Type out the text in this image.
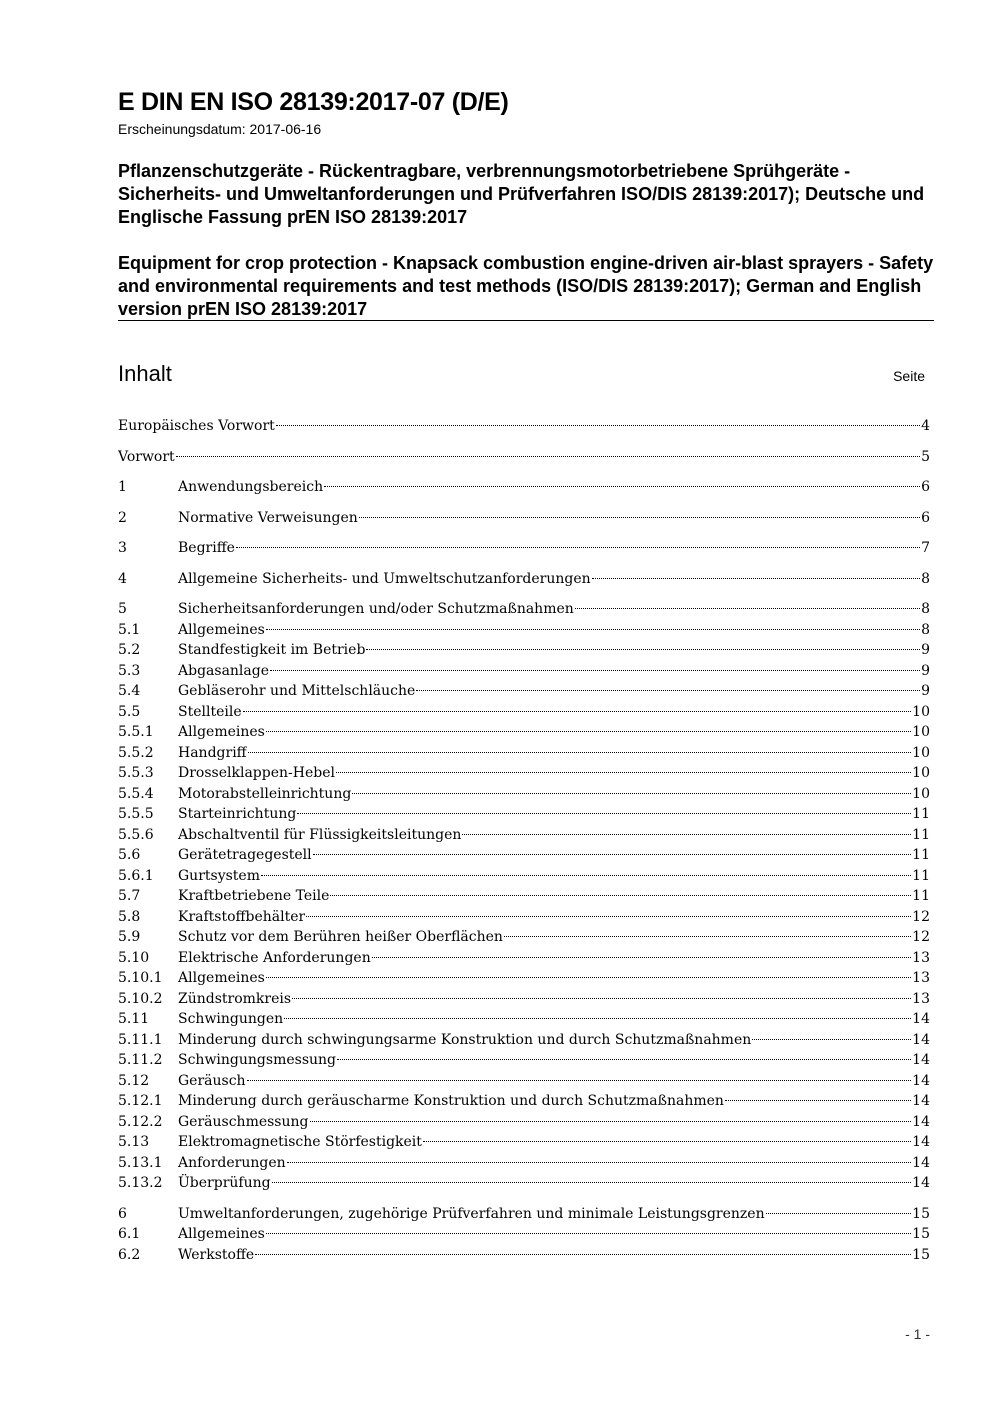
E DIN EN ISO 28139:2017-07 (D/E)
Erscheinungsdatum: 2017-06-16
Pflanzenschutzgeräte - Rückentragbare, verbrennungsmotorbetriebene Sprühgeräte - Sicherheits- und Umweltanforderungen und Prüfverfahren ISO/DIS 28139:2017); Deutsche und Englische Fassung prEN ISO 28139:2017
Equipment for crop protection - Knapsack combustion engine-driven air-blast sprayers - Safety and environmental requirements and test methods (ISO/DIS 28139:2017); German and English version prEN ISO 28139:2017
Inhalt	Seite
Europäisches Vorwort	4
Vorwort	5
1	Anwendungsbereich	6
2	Normative Verweisungen	6
3	Begriffe	7
4	Allgemeine Sicherheits- und Umweltschutzanforderungen	8
5	Sicherheitsanforderungen und/oder Schutzmaßnahmen	8
5.1	Allgemeines	8
5.2	Standfestigkeit im Betrieb	9
5.3	Abgasanlage	9
5.4	Gebläserohr und Mittelschläuche	9
5.5	Stellteile	10
5.5.1	Allgemeines	10
5.5.2	Handgriff	10
5.5.3	Drosselklappen-Hebel	10
5.5.4	Motorabstelleinrichtung	10
5.5.5	Starteinrichtung	11
5.5.6	Abschaltventil für Flüssigkeitsleitungen	11
5.6	Gerätetragegestell	11
5.6.1	Gurtsystem	11
5.7	Kraftbetriebene Teile	11
5.8	Kraftstoffbehälter	12
5.9	Schutz vor dem Berühren heißer Oberflächen	12
5.10	Elektrische Anforderungen	13
5.10.1	Allgemeines	13
5.10.2	Zündstromkreis	13
5.11	Schwingungen	14
5.11.1	Minderung durch schwingungsarme Konstruktion und durch Schutzmaßnahmen	14
5.11.2	Schwingungsmessung	14
5.12	Geräusch	14
5.12.1	Minderung durch geräuscharme Konstruktion und durch Schutzmaßnahmen	14
5.12.2	Geräuschmessung	14
5.13	Elektromagnetische Störfestigkeit	14
5.13.1	Anforderungen	14
5.13.2	Überprüfung	14
6	Umweltanforderungen, zugehörige Prüfverfahren und minimale Leistungsgrenzen	15
6.1	Allgemeines	15
6.2	Werkstoffe	15
- 1 -
